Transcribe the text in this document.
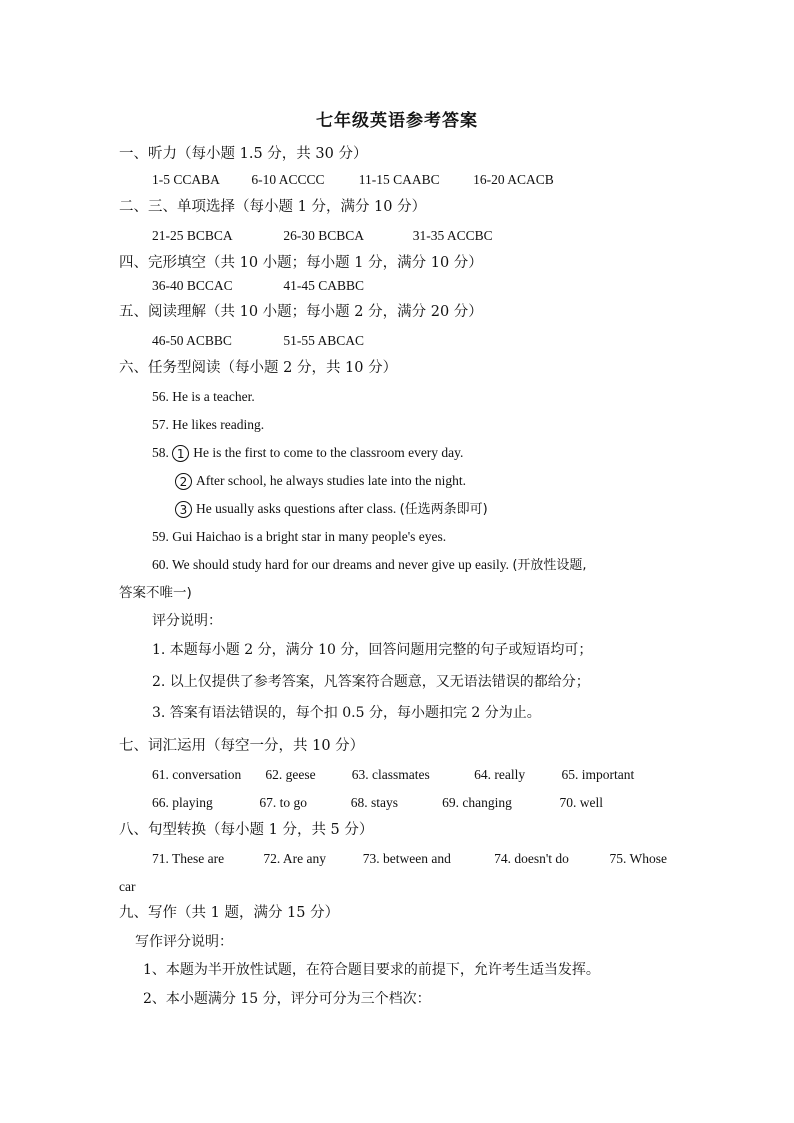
七年级英语参考答案
一、听力（每小题 1.5 分，共 30 分）
1-5 CCABA 6-10 ACCCC	11-15 CAABC 16-20 ACACB
二、三、单项选择（每小题 1 分，满分 10 分）
21-25 BCBCA	26-30 BCBCA	31-35 ACCBC
四、完形填空（共 10 小题；每小题 1 分，满分 10 分）
36-40 BCCAC	41-45 CABBC
五、阅读理解（共 10 小题；每小题 2 分，满分 20 分）
46-50 ACBBC	51-55 ABCAC
六、任务型阅读（每小题 2 分，共 10 分）
56. He is a teacher.
57. He likes reading.
58. 1 He is the first to come to the classroom every day.
2 After school, he always studies late into the night.
3 He usually asks questions after class. (任选两条即可)
59. Gui Haichao is a bright star in many people's eyes.
60. We should study hard for our dreams and never give up easily. (开放性设题,
答案不唯一)
评分说明：
1. 本题每小题 2 分，满分 10 分，回答问题用完整的句子或短语均可；
2. 以上仅提供了参考答案，凡答案符合题意，又无语法错误的都给分；
3. 答案有语法错误的，每个扣 0.5 分，每小题扣完 2 分为止。
七、词汇运用（每空一分，共 10 分）
61. conversation 62. geese	63. classmates	64. really	65. important
66. playing	67. to go	68. stays	69. changing	70. well
八、句型转换（每小题 1 分，共 5 分）
71. These are	72. Are any	73. between and	74. doesn't do	75. Whose
car
九、写作（共 1 题，满分 15 分）
写作评分说明：
1、本题为半开放性试题，在符合题目要求的前提下，允许考生适当发挥。
2、本小题满分 15 分，评分可分为三个档次：
